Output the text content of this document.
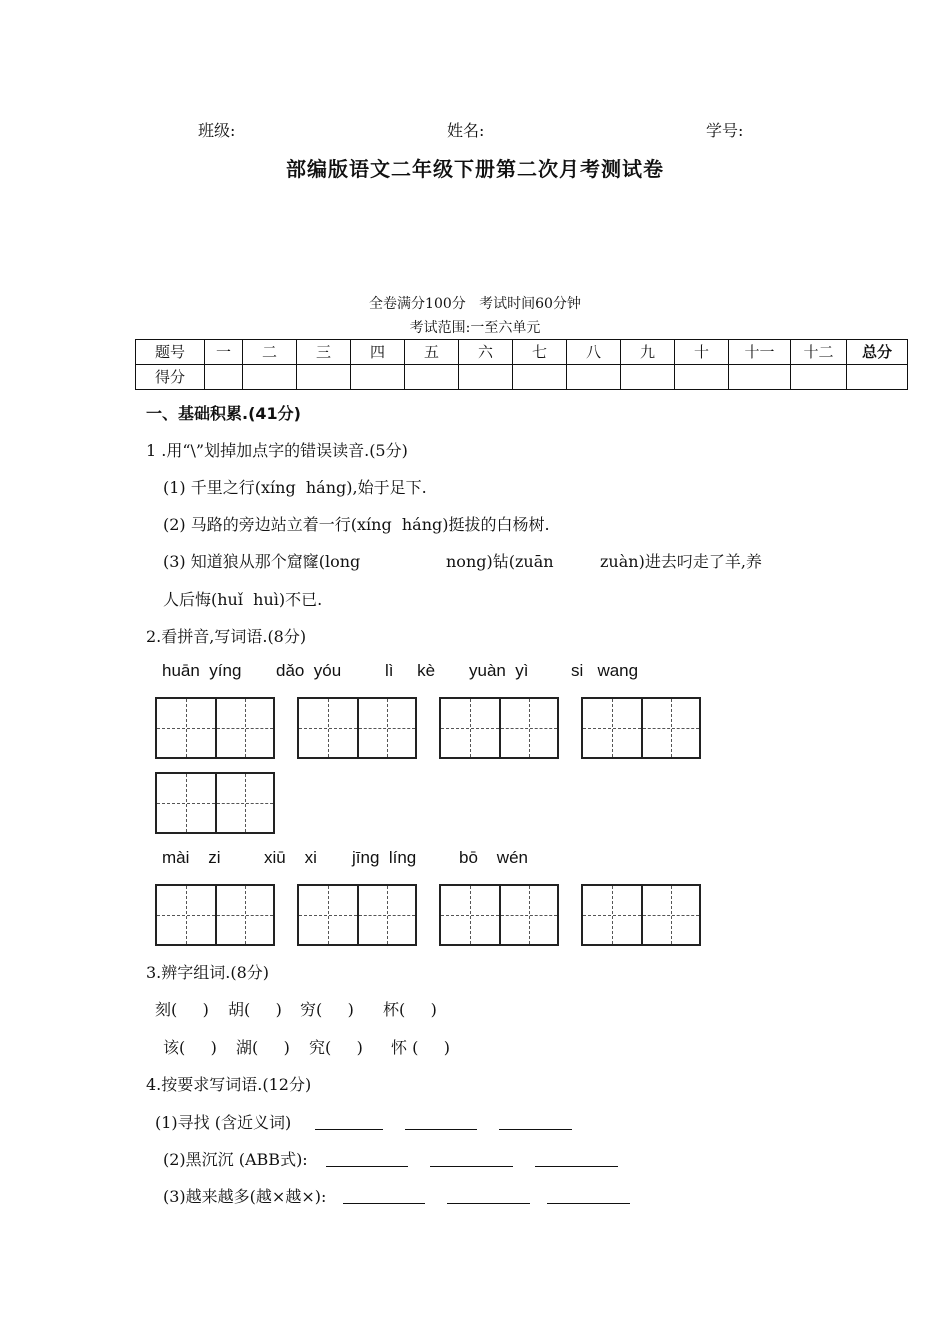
班级:	姓名:	学号:
部编版语文二年级下册第二次月考测试卷
全卷满分100分   考试时间60分钟
考试范围:一至六单元
题号	一	二	三	四	五	六	七	八	九	十	十一	十二	总分
得分													
一、基础积累.(41分)
1 .用“\”划掉加点字的错误读音.(5分)
(1) 千里之行(xíng  háng),始于足下.
(2) 马路的旁边站立着一行(xíng  háng)挺拔的白杨树.
(3) 知道狼从那个窟窿(long	nong)钻(zuān	zuàn)进去叼走了羊,养
人后悔(huǐ  huì)不已.
2.看拼音,写词语.(8分)
huān  yíng dǎo  yóu	lì     kè yuàn  yì si   wang
mài    zi	xiū    xi jīng  líng	bō    wén
3.辨字组词.(8分)
刻(     ) 胡(     ) 穷(     ) 杯(     )
该(     ) 湖(     ) 究(     ) 怀 (     )
4.按要求写词语.(12分)
(1)寻找 (含近义词)
(2)黑沉沉 (ABB式):
(3)越来越多(越×越×):
